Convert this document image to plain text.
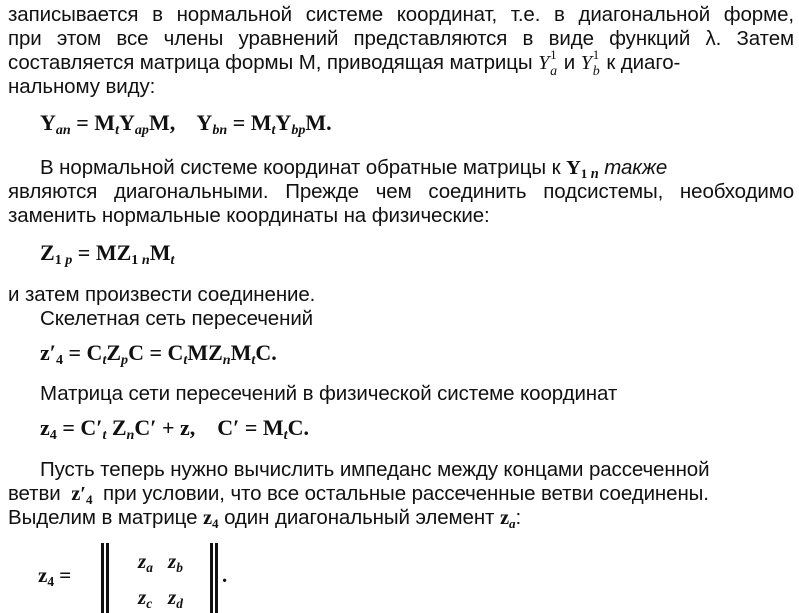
записывается в нормальной системе координат, т.е. в диагональной форме,
при этом все члены уравнений представляются в виде функций λ. Затем
составляется матрица формы M, приводящая матрицы Y 1
a и Y 1
b к диаго-
нальному виду:
$Y_{an} = M_tY_{ap}M$,    $Y_{bn} = M_tY_{bp}M$.
В нормальной системе координат обратные матрицы к $Y_1$ $_n$ также
являются диагональными. Прежде чем соединить подсистемы, необходимо
заменить нормальные координаты на физические:
$Z_1$ $_p = MZ_1$ $_nM_t$
и затем произвести соединение.
Скелетная сеть пересечений
$z'_4 = C_tZ_pC = C_tMZ_nM_tC$.
Матрица сети пересечений в физической системе координат
$z_4 = C'_t$ $Z_nC' + z$,    $C' = M_tC$.
Пусть теперь нужно вычислить импеданс между концами рассеченной
ветви  $z'_4$ при условии, что все остальные рассеченные ветви соединены.
Выделим в матрице $z_4$ один диагональный элемент $z_a$:
$z_4$ =
$z_a$ $z_b$
$z_c$ $z_d$
.
